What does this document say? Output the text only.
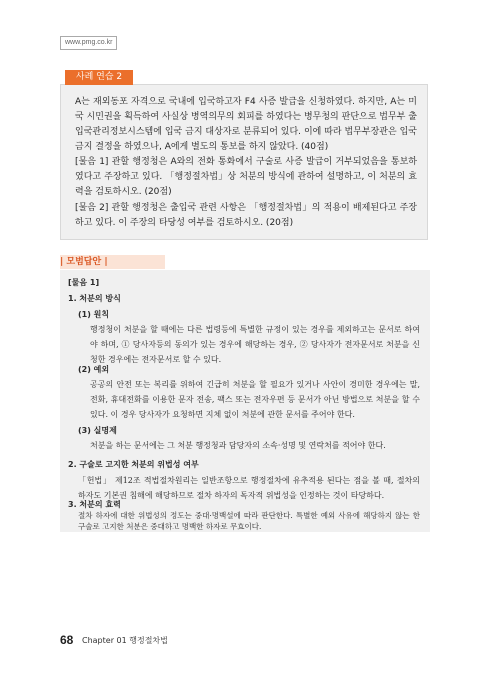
www.pmg.co.kr
사례 연습 2

A는 재외동포 자격으로 국내에 입국하고자 F4 사증 발급을 신청하였다. 하지만, A는 미국 시민권을 획득하여 사실상 병역의무의 회피를 하였다는 병무청의 판단으로 법무부 출입국관리정보시스템에 입국 금지 대상자로 분류되어 있다. 이에 따라 법무부장관은 입국금지 결정을 하였으나, A에게 별도의 통보를 하지 않았다. (40점)

[물음 1] 관할 행정청은 A와의 전화 통화에서 구술로 사증 발급이 거부되었음을 통보하였다고 주장하고 있다. 「행정절차법」상 처분의 방식에 관하여 설명하고, 이 처분의 효력을 검토하시오. (20점)

[물음 2] 관할 행정청은 출입국 관련 사항은 「행정절차법」의 적용이 배제된다고 주장하고 있다. 이 주장의 타당성 여부를 검토하시오. (20점)

| 모범답안 |

[물음 1]

1. 처분의 방식

(1) 원칙

행정청이 처분을 할 때에는 다른 법령등에 특별한 규정이 있는 경우를 제외하고는 문서로 하여야 하며, ① 당사자등의 동의가 있는 경우에 해당하는 경우, ② 당사자가 전자문서로 처분을 신청한 경우에는 전자문서로 할 수 있다.

(2) 예외

공공의 안전 또는 복리를 위하여 긴급히 처분을 할 필요가 있거나 사안이 경미한 경우에는 말, 전화, 휴대전화를 이용한 문자 전송, 팩스 또는 전자우편 등 문서가 아닌 방법으로 처분을 할 수 있다. 이 경우 당사자가 요청하면 지체 없이 처분에 관한 문서를 주어야 한다.

(3) 실명제

처분을 하는 문서에는 그 처분 행정청과 담당자의 소속·성명 및 연락처를 적어야 한다.

2. 구술로 고지한 처분의 위법성 여부

「헌법」 제12조 적법절차원리는 일반조항으로 행정절차에 유추적용 된다는 점을 볼 때, 절차의 하자도 기본권 침해에 해당하므로 절차 하자의 독자적 위법성을 인정하는 것이 타당하다.

3. 처분의 효력

절차 하자에 대한 위법성의 정도는 중대·명백설에 따라 판단한다. 특별한 예외 사유에 해당하지 않는 한 구술로 고지한 처분은 중대하고 명백한 하자로 무효이다.

68 Chapter 01 행정절차법
